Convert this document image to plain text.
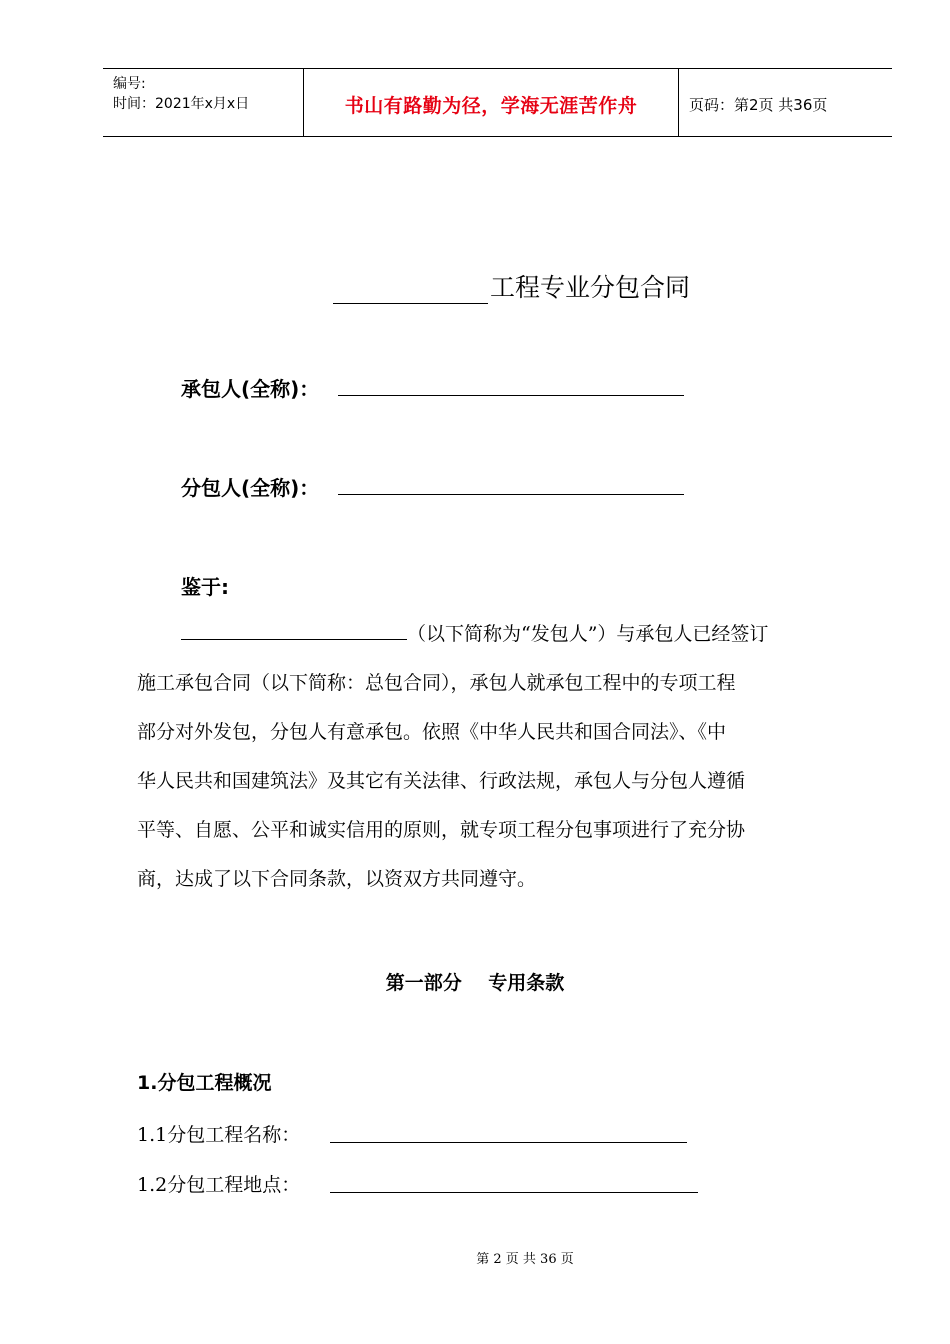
编号:
时间：2021年x月x日	书山有路勤为径，学海无涯苦作舟	页码：第2页 共36页
工程专业分包合同
承包人(全称)：
分包人(全称)：
鉴于:
（以下简称为“发包人”）与承包人已经签订
施工承包合同（以下简称：总包合同），承包人就承包工程中的专项工程
部分对外发包，分包人有意承包。依照《中华人民共和国合同法》、《中
华人民共和国建筑法》及其它有关法律、行政法规，承包人与分包人遵循
平等、自愿、公平和诚实信用的原则，就专项工程分包事项进行了充分协
商，达成了以下合同条款，以资双方共同遵守。
第一部分 专用条款
1.分包工程概况
1.1分包工程名称：
1.2分包工程地点：
第 2 页 共 36 页
